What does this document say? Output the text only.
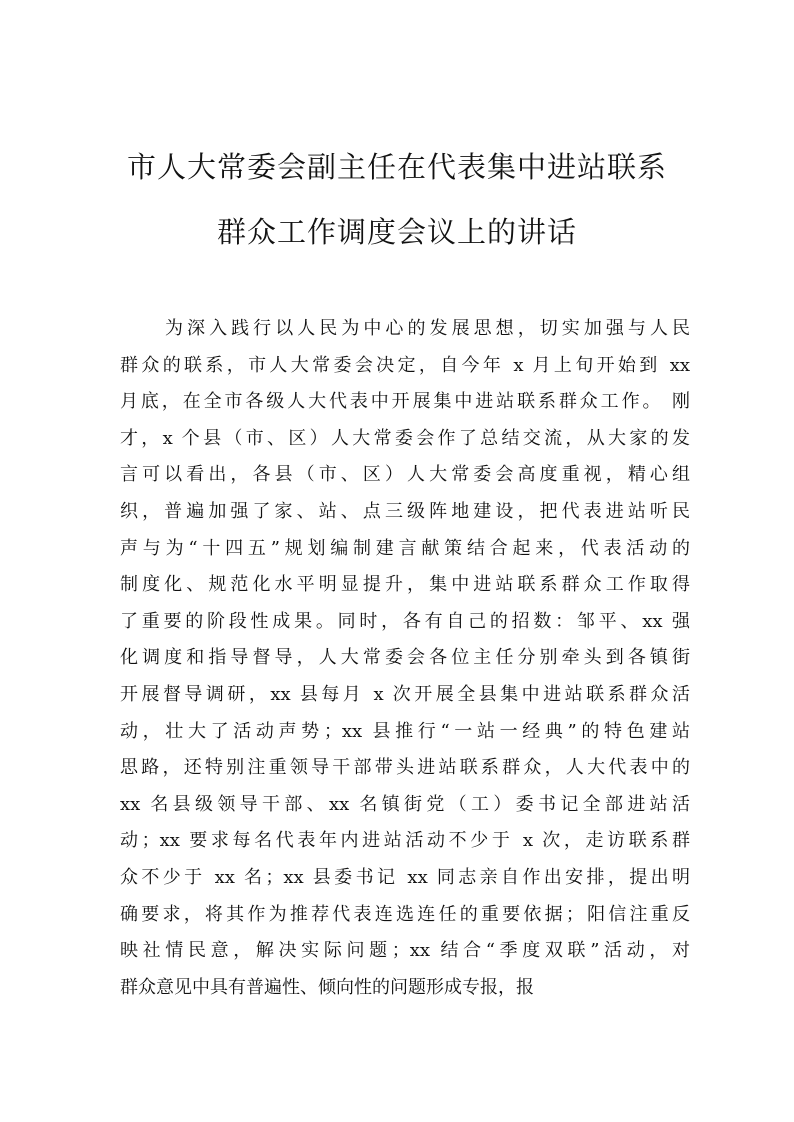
市人大常委会副主任在代表集中进站联系
群众工作调度会议上的讲话
为深入践行以人民为中心的发展思想，切实加强与人民
群众的联系，市人大常委会决定，自今年 x 月上旬开始到 xx
月底，在全市各级人大代表中开展集中进站联系群众工作。 刚
才，x 个县（市、区）人大常委会作了总结交流，从大家的发
言可以看出，各县（市、区）人大常委会高度重视，精心组
织，普遍加强了家、站、点三级阵地建设，把代表进站听民
声与为“十四五”规划编制建言献策结合起来，代表活动的
制度化、规范化水平明显提升，集中进站联系群众工作取得
了重要的阶段性成果。同时，各有自己的招数：邹平、xx 强
化调度和指导督导，人大常委会各位主任分别牵头到各镇街
开展督导调研，xx 县每月 x 次开展全县集中进站联系群众活
动，壮大了活动声势；xx 县推行“一站一经典”的特色建站
思路，还特别注重领导干部带头进站联系群众，人大代表中的
xx 名县级领导干部、xx 名镇街党（工）委书记全部进站活
动；xx 要求每名代表年内进站活动不少于 x 次，走访联系群
众不少于 xx 名；xx 县委书记 xx 同志亲自作出安排，提出明
确要求，将其作为推荐代表连选连任的重要依据；阳信注重反
映社情民意，解决实际问题；xx 结合“季度双联”活动，对
群众意见中具有普遍性、倾向性的问题形成专报，报
